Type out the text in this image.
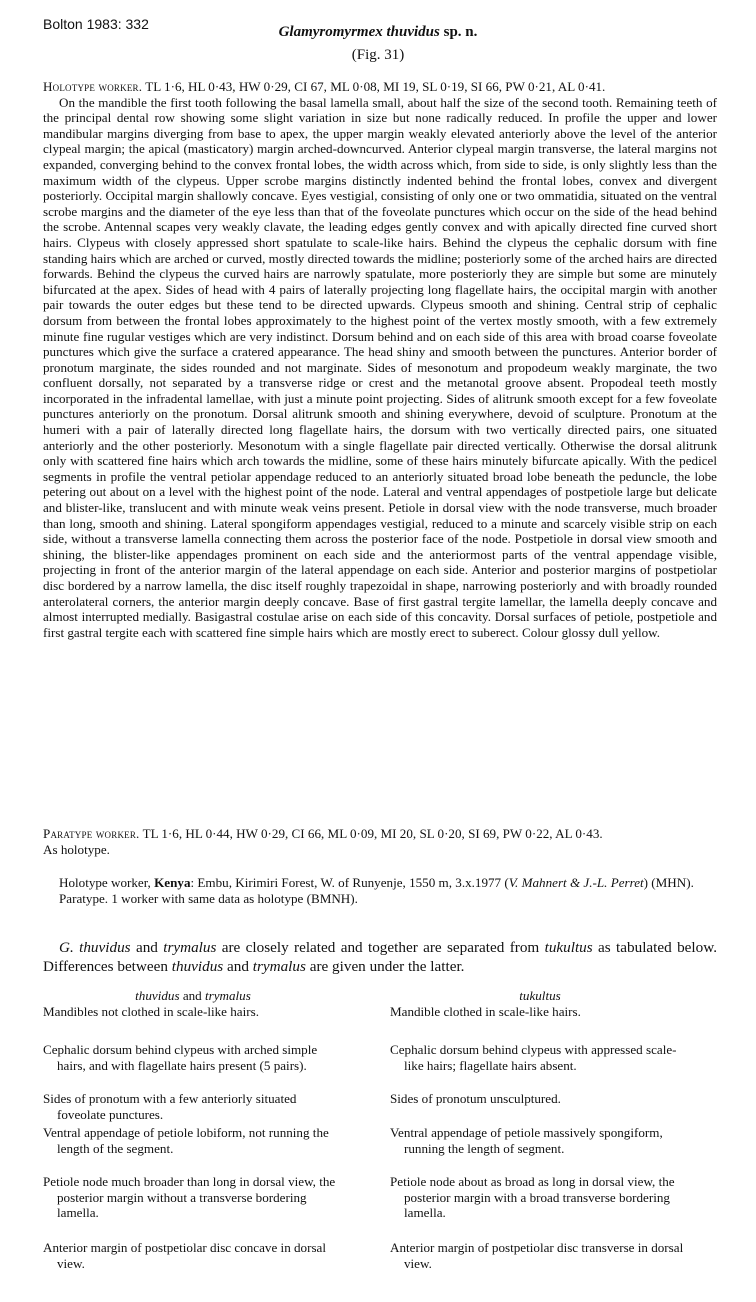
Bolton 1983: 332	Glamyromyrmex thuvidus sp. n.
(Fig. 31)

Holotype worker. TL 1·6, HL 0·43, HW 0·29, CI 67, ML 0·08, MI 19, SL 0·19, SI 66, PW 0·21, AL 0·41.

On the mandible the first tooth following the basal lamella small, about half the size of the second tooth. Remaining teeth of the principal dental row showing some slight variation in size but none radically reduced. In profile the upper and lower mandibular margins diverging from base to apex, the upper margin weakly elevated anteriorly above the level of the anterior clypeal margin; the apical (masticatory) margin arched-downcurved. Anterior clypeal margin transverse, the lateral margins not expanded, converging behind to the convex frontal lobes, the width across which, from side to side, is only slightly less than the maximum width of the clypeus. Upper scrobe margins distinctly indented behind the frontal lobes, convex and divergent posteriorly. Occipital margin shallowly concave. Eyes vestigial, consisting of only one or two ommatidia, situated on the ventral scrobe margins and the diameter of the eye less than that of the foveolate punctures which occur on the side of the head behind the scrobe. Antennal scapes very weakly clavate, the leading edges gently convex and with apically directed fine curved short hairs. Clypeus with closely appressed short spatulate to scale-like hairs. Behind the clypeus the cephalic dorsum with fine standing hairs which are arched or curved, mostly directed towards the midline; posteriorly some of the arched hairs are directed forwards. Behind the clypeus the curved hairs are narrowly spatulate, more posteriorly they are simple but some are minutely bifurcated at the apex. Sides of head with 4 pairs of laterally projecting long flagellate hairs, the occipital margin with another pair towards the outer edges but these tend to be directed upwards. Clypeus smooth and shining. Central strip of cephalic dorsum from between the frontal lobes approximately to the highest point of the vertex mostly smooth, with a few extremely minute fine rugular vestiges which are very indistinct. Dorsum behind and on each side of this area with broad coarse foveolate punctures which give the surface a cratered appearance. The head shiny and smooth between the punctures. Anterior border of pronotum marginate, the sides rounded and not marginate. Sides of mesonotum and propodeum weakly marginate, the two confluent dorsally, not separated by a transverse ridge or crest and the metanotal groove absent. Propodeal teeth mostly incorporated in the infradental lamellae, with just a minute point projecting. Sides of alitrunk smooth except for a few foveolate punctures anteriorly on the pronotum. Dorsal alitrunk smooth and shining everywhere, devoid of sculpture. Pronotum at the humeri with a pair of laterally directed long flagellate hairs, the dorsum with two vertically directed pairs, one situated anteriorly and the other posteriorly. Mesonotum with a single flagellate pair directed vertically. Otherwise the dorsal alitrunk only with scattered fine hairs which arch towards the midline, some of these hairs minutely bifurcate apically. With the pedicel segments in profile the ventral petiolar appendage reduced to an anteriorly situated broad lobe beneath the peduncle, the lobe petering out about on a level with the highest point of the node. Lateral and ventral appendages of postpetiole large but delicate and blister-like, translucent and with minute weak veins present. Petiole in dorsal view with the node transverse, much broader than long, smooth and shining. Lateral spongiform appendages vestigial, reduced to a minute and scarcely visible strip on each side, without a transverse lamella connecting them across the posterior face of the node. Postpetiole in dorsal view smooth and shining, the blister-like appendages prominent on each side and the anteriormost parts of the ventral appendage visible, projecting in front of the anterior margin of the lateral appendage on each side. Anterior and posterior margins of postpetiolar disc bordered by a narrow lamella, the disc itself roughly trapezoidal in shape, narrowing posteriorly and with broadly rounded anterolateral corners, the anterior margin deeply concave. Base of first gastral tergite lamellar, the lamella deeply concave and almost interrupted medially. Basigastral costulae arise on each side of this concavity. Dorsal surfaces of petiole, postpetiole and first gastral tergite each with scattered fine simple hairs which are mostly erect to suberect. Colour glossy dull yellow.

Paratype worker. TL 1·6, HL 0·44, HW 0·29, CI 66, ML 0·09, MI 20, SL 0·20, SI 69, PW 0·22, AL 0·43.

As holotype.

Holotype worker, Kenya: Embu, Kirimiri Forest, W. of Runyenje, 1550 m, 3.x.1977 (V. Mahnert & J.-L. Perret) (MHN).

Paratype. 1 worker with same data as holotype (BMNH).

G. thuvidus and trymalus are closely related and together are separated from tukultus as tabulated below. Differences between thuvidus and trymalus are given under the latter.

thuvidus and trymalus
Mandibles not clothed in scale-like hairs.
Cephalic dorsum behind clypeus with arched simple hairs, and with flagellate hairs present (5 pairs).
Sides of pronotum with a few anteriorly situated foveolate punctures.
Ventral appendage of petiole lobiform, not running the length of the segment.
Petiole node much broader than long in dorsal view, the posterior margin without a transverse bordering lamella.
Anterior margin of postpetiolar disc concave in dorsal view.
tukultus
Mandible clothed in scale-like hairs.
Cephalic dorsum behind clypeus with appressed scale-like hairs; flagellate hairs absent.
Sides of pronotum unsculptured.
Ventral appendage of petiole massively spongiform, running the length of segment.
Petiole node about as broad as long in dorsal view, the posterior margin with a broad transverse bordering lamella.
Anterior margin of postpetiolar disc transverse in dorsal view.
